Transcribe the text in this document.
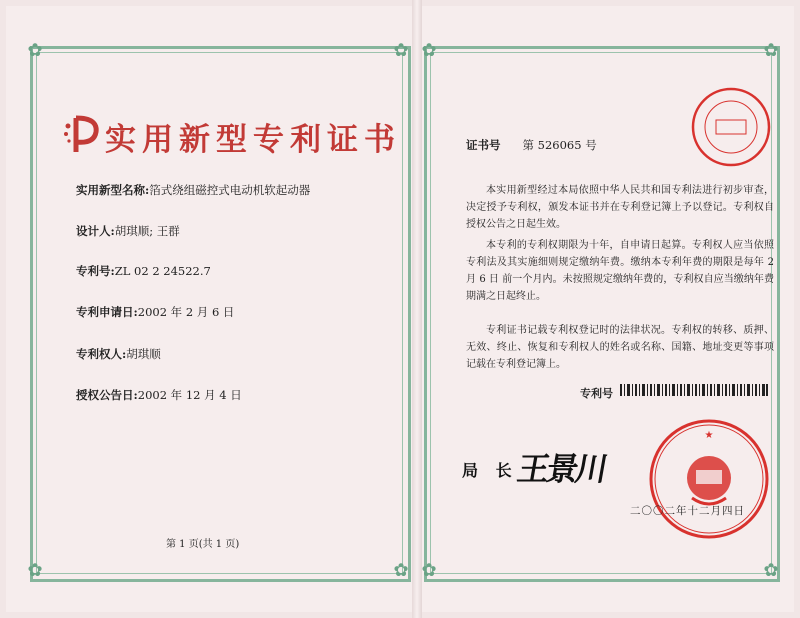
✿	✿
✿	✿
✿	✿
✿	✿
实用新型专利证书
实用新型名称:箔式绕组磁控式电动机软起动器
设计人:胡琪顺; 王群
专利号:ZL 02 2 24522.7
专利申请日:2002 年 2 月 6 日
专利权人:胡琪顺
授权公告日:2002 年 12 月 4 日
第 1 页(共 1 页)
证书号 第 526065 号
本实用新型经过本局依照中华人民共和国专利法进行初步审查，决定授予专利权，颁发本证书并在专利登记簿上予以登记。专利权自授权公告之日起生效。
本专利的专利权期限为十年，自申请日起算。专利权人应当依照专利法及其实施细则规定缴纳年费。缴纳本专利年费的期限是每年 2 月 6 日 前一个月内。未按照规定缴纳年费的，专利权自应当缴纳年费期满之日起终止。
专利证书记载专利权登记时的法律状况。专利权的转移、质押、无效、终止、恢复和专利权人的姓名或名称、国籍、地址变更等事项记载在专利登记簿上。
专利号
局 长
王景川
★
二〇〇二年十二月四日
